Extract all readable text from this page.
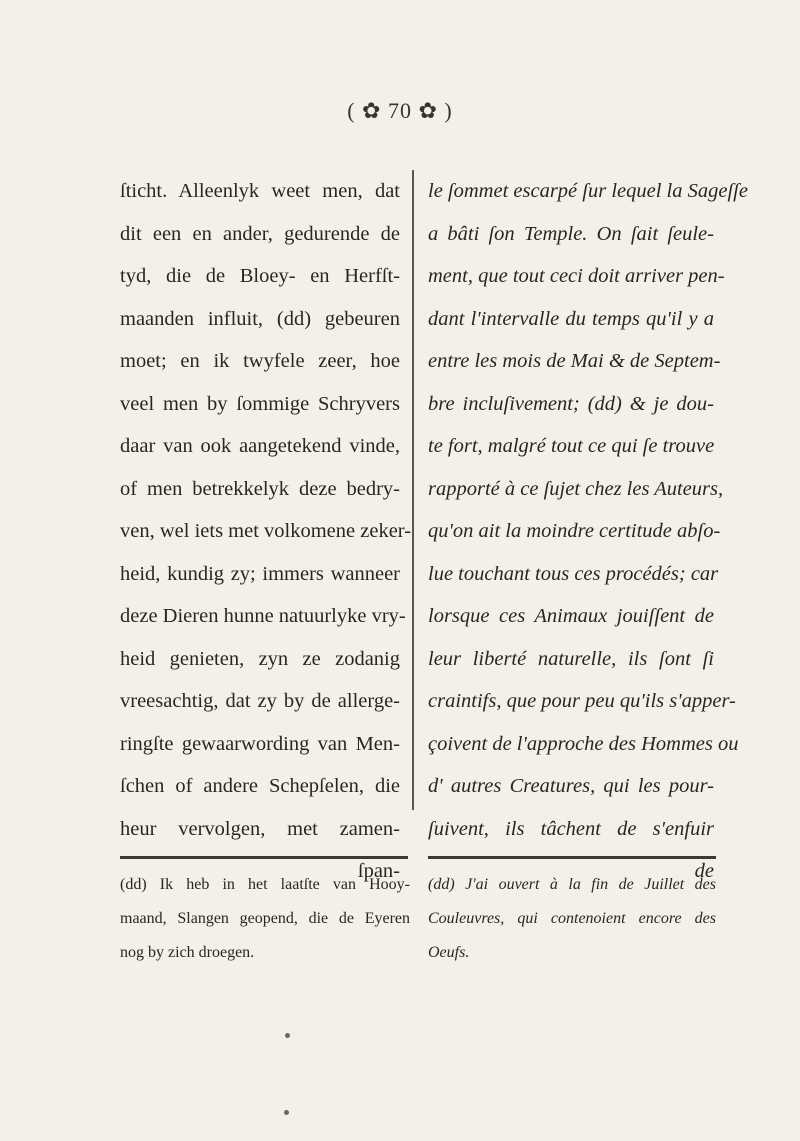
( ✿ 70 ✿ )
ſticht. Alleenlyk weet men, dat
dit een en ander, gedurende de
tyd, die de Bloey- en Herfſt-
maanden influit, (dd) gebeuren
moet; en ik twyfele zeer, hoe
veel men by ſommige Schryvers
daar van ook aangetekend vinde,
of men betrekkelyk deze bedry-
ven, wel iets met volkomene zeker-
heid, kundig zy; immers wanneer
deze Dieren hunne natuurlyke vry-
heid genieten, zyn ze zodanig
vreesachtig, dat zy by de allerge-
ringſte gewaarwording van Men-
ſchen of andere Schepſelen, die
heur vervolgen, met zamen-
ſpan-
le ſommet escarpé ſur lequel la Sageſſe
a bâti ſon Temple. On ſait ſeule-
ment, que tout ceci doit arriver pen-
dant l'intervalle du temps qu'il y a
entre les mois de Mai & de Septem-
bre incluſivement; (dd) & je dou-
te fort, malgré tout ce qui ſe trouve
rapporté à ce ſujet chez les Auteurs,
qu'on ait la moindre certitude abſo-
lue touchant tous ces procédés; car
lorsque ces Animaux jouiſſent de
leur liberté naturelle, ils ſont ſi
craintifs, que pour peu qu'ils s'apper-
çoivent de l'approche des Hommes ou
d' autres Creatures, qui les pour-
ſuivent, ils tâchent de s'enfuir
de
(dd) Ik heb in het laatſte van Hooy-
maand, Slangen geopend, die de Eyeren
nog by zich droegen.
(dd) J'ai ouvert à la fin de Juillet des
Couleuvres, qui contenoient encore des
Oeufs.
